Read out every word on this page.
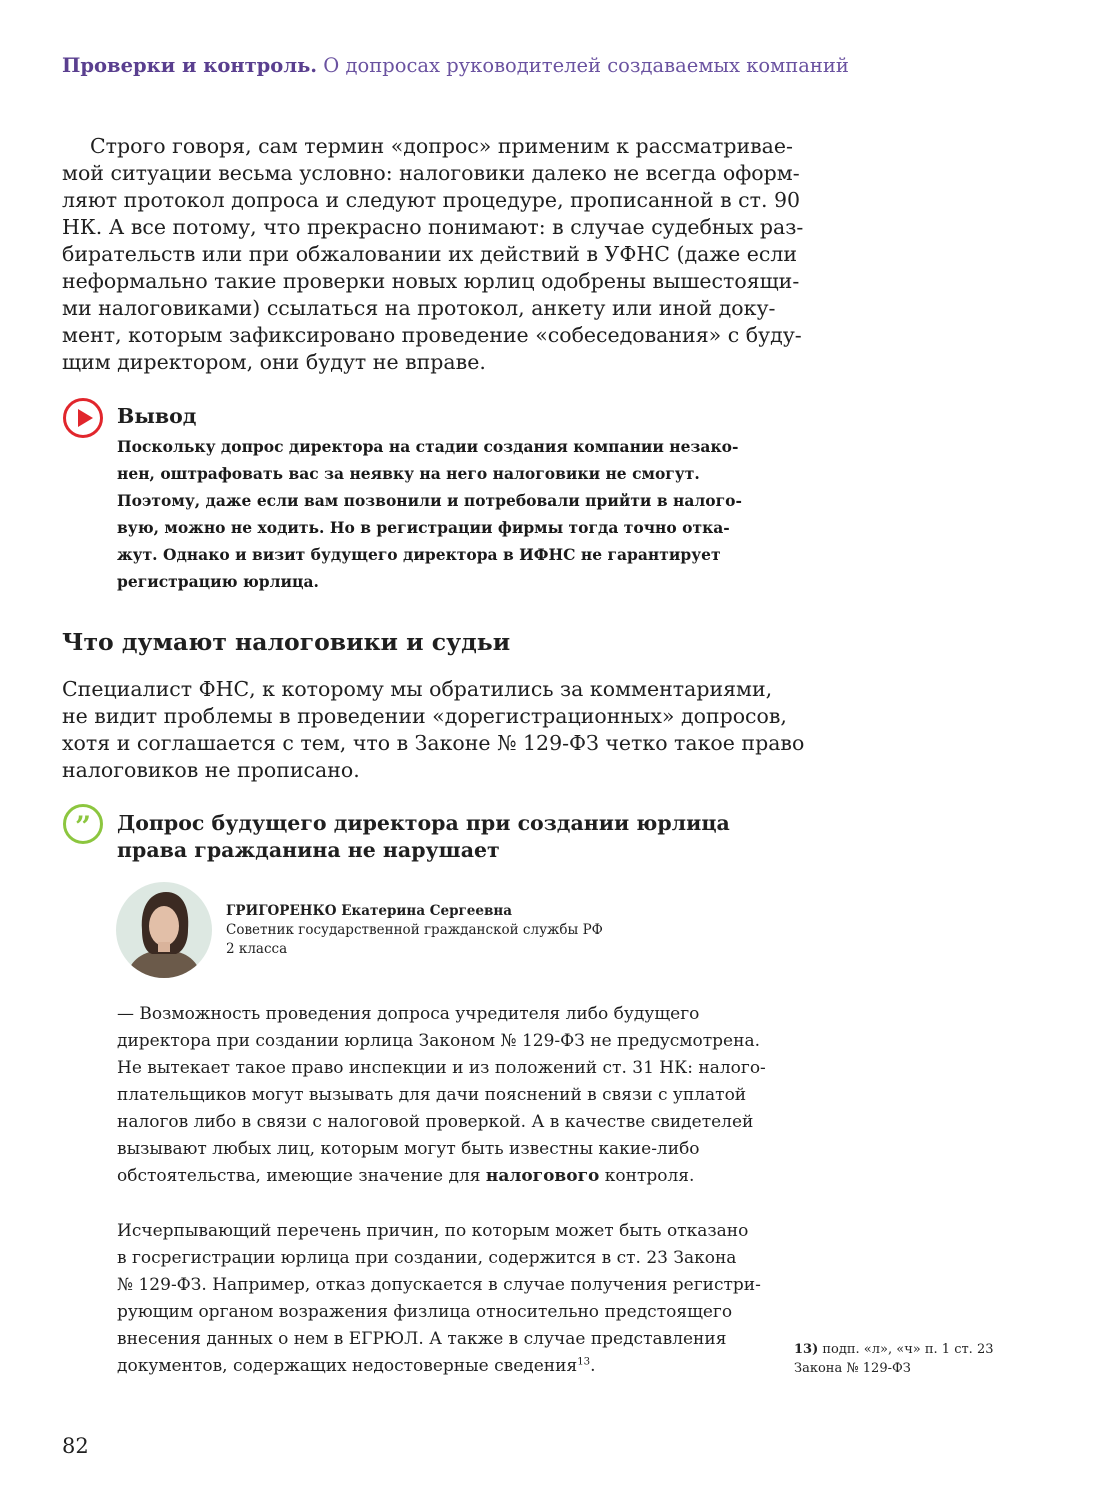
Проверки и контроль. О допросах руководителей создаваемых компаний
Строго говоря, сам термин «допрос» применим к рассматривае-
мой ситуации весьма условно: налоговики далеко не всегда оформ-
ляют протокол допроса и следуют процедуре, прописанной в ст. 90
НК. А все потому, что прекрасно понимают: в случае судебных раз-
бирательств или при обжаловании их действий в УФНС (даже если
неформально такие проверки новых юрлиц одобрены вышестоящи-
ми налоговиками) ссылаться на протокол, анкету или иной доку-
мент, которым зафиксировано проведение «собеседования» с буду-
щим директором, они будут не вправе.
Вывод
Поскольку допрос директора на стадии создания компании незако-
нен, оштрафовать вас за неявку на него налоговики не смогут.
Поэтому, даже если вам позвонили и потребовали прийти в налого-
вую, можно не ходить. Но в регистрации фирмы тогда точно отка-
жут. Однако и визит будущего директора в ИФНС не гарантирует
регистрацию юрлица.
Что думают налоговики и судьи
Специалист ФНС, к которому мы обратились за комментариями,
не видит проблемы в проведении «дорегистрационных» допросов,
хотя и соглашается с тем, что в Законе № 129-ФЗ четко такое право
налоговиков не прописано.
” Допрос будущего директора при создании юрлица
права гражданина не нарушает
ГРИГОРЕНКО Екатерина Сергеевна
Советник государственной гражданской службы РФ
2 класса
— Возможность проведения допроса учредителя либо будущего
директора при создании юрлица Законом № 129-ФЗ не предусмотрена.
Не вытекает такое право инспекции и из положений ст. 31 НК: налого-
плательщиков могут вызывать для дачи пояснений в связи с уплатой
налогов либо в связи с налоговой проверкой. А в качестве свидетелей
вызывают любых лиц, которым могут быть известны какие-либо
обстоятельства, имеющие значение для налогового контроля.
Исчерпывающий перечень причин, по которым может быть отказано
в госрегистрации юрлица при создании, содержится в ст. 23 Закона
№ 129-ФЗ. Например, отказ допускается в случае получения регистри-
рующим органом возражения физлица относительно предстоящего
внесения данных о нем в ЕГРЮЛ. А также в случае представления
документов, содержащих недостоверные сведения$^{13}$.
13) подп. «л», «ч» п. 1 ст. 23
Закона № 129-ФЗ
82
